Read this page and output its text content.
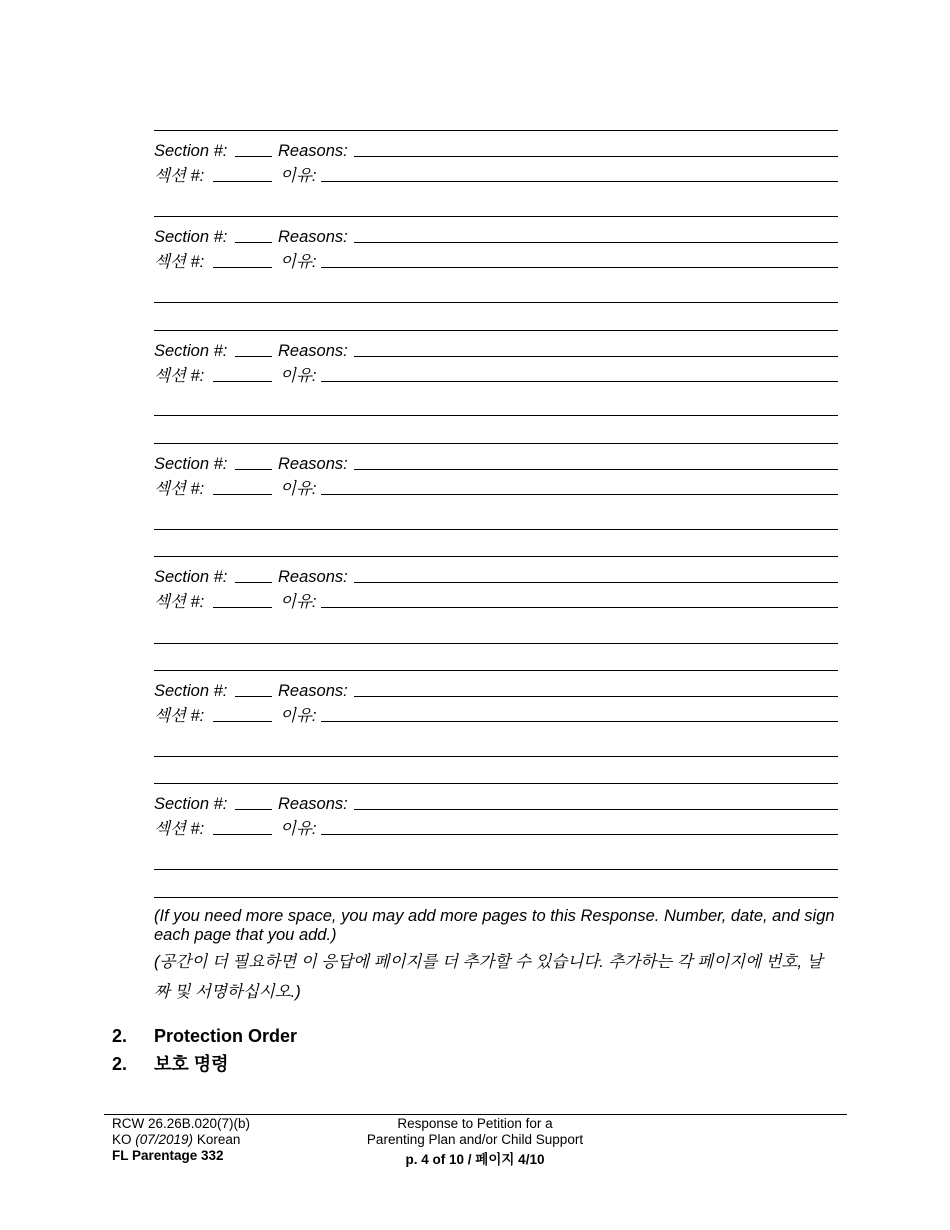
Section #:	Reasons:
섹션 #:	이유:
Section #:	Reasons:
섹션 #:	이유:
Section #:	Reasons:
섹션 #:	이유:
Section #:	Reasons:
섹션 #:	이유:
Section #:	Reasons:
섹션 #:	이유:
Section #:	Reasons:
섹션 #:	이유:
Section #:	Reasons:
섹션 #:	이유:
(If you need more space, you may add more pages to this Response. Number, date, and sign each page that you add.)
(공간이 더 필요하면 이 응답에 페이지를 더 추가할 수 있습니다. 추가하는 각 페이지에 번호, 날짜 및 서명하십시오.)
2. Protection Order
2. 보호 명령
RCW 26.26B.020(7)(b)
KO (07/2019) Korean
FL Parentage 332
Response to Petition for a
Parenting Plan and/or Child Support
p. 4 of 10 / 페이지 4/10
